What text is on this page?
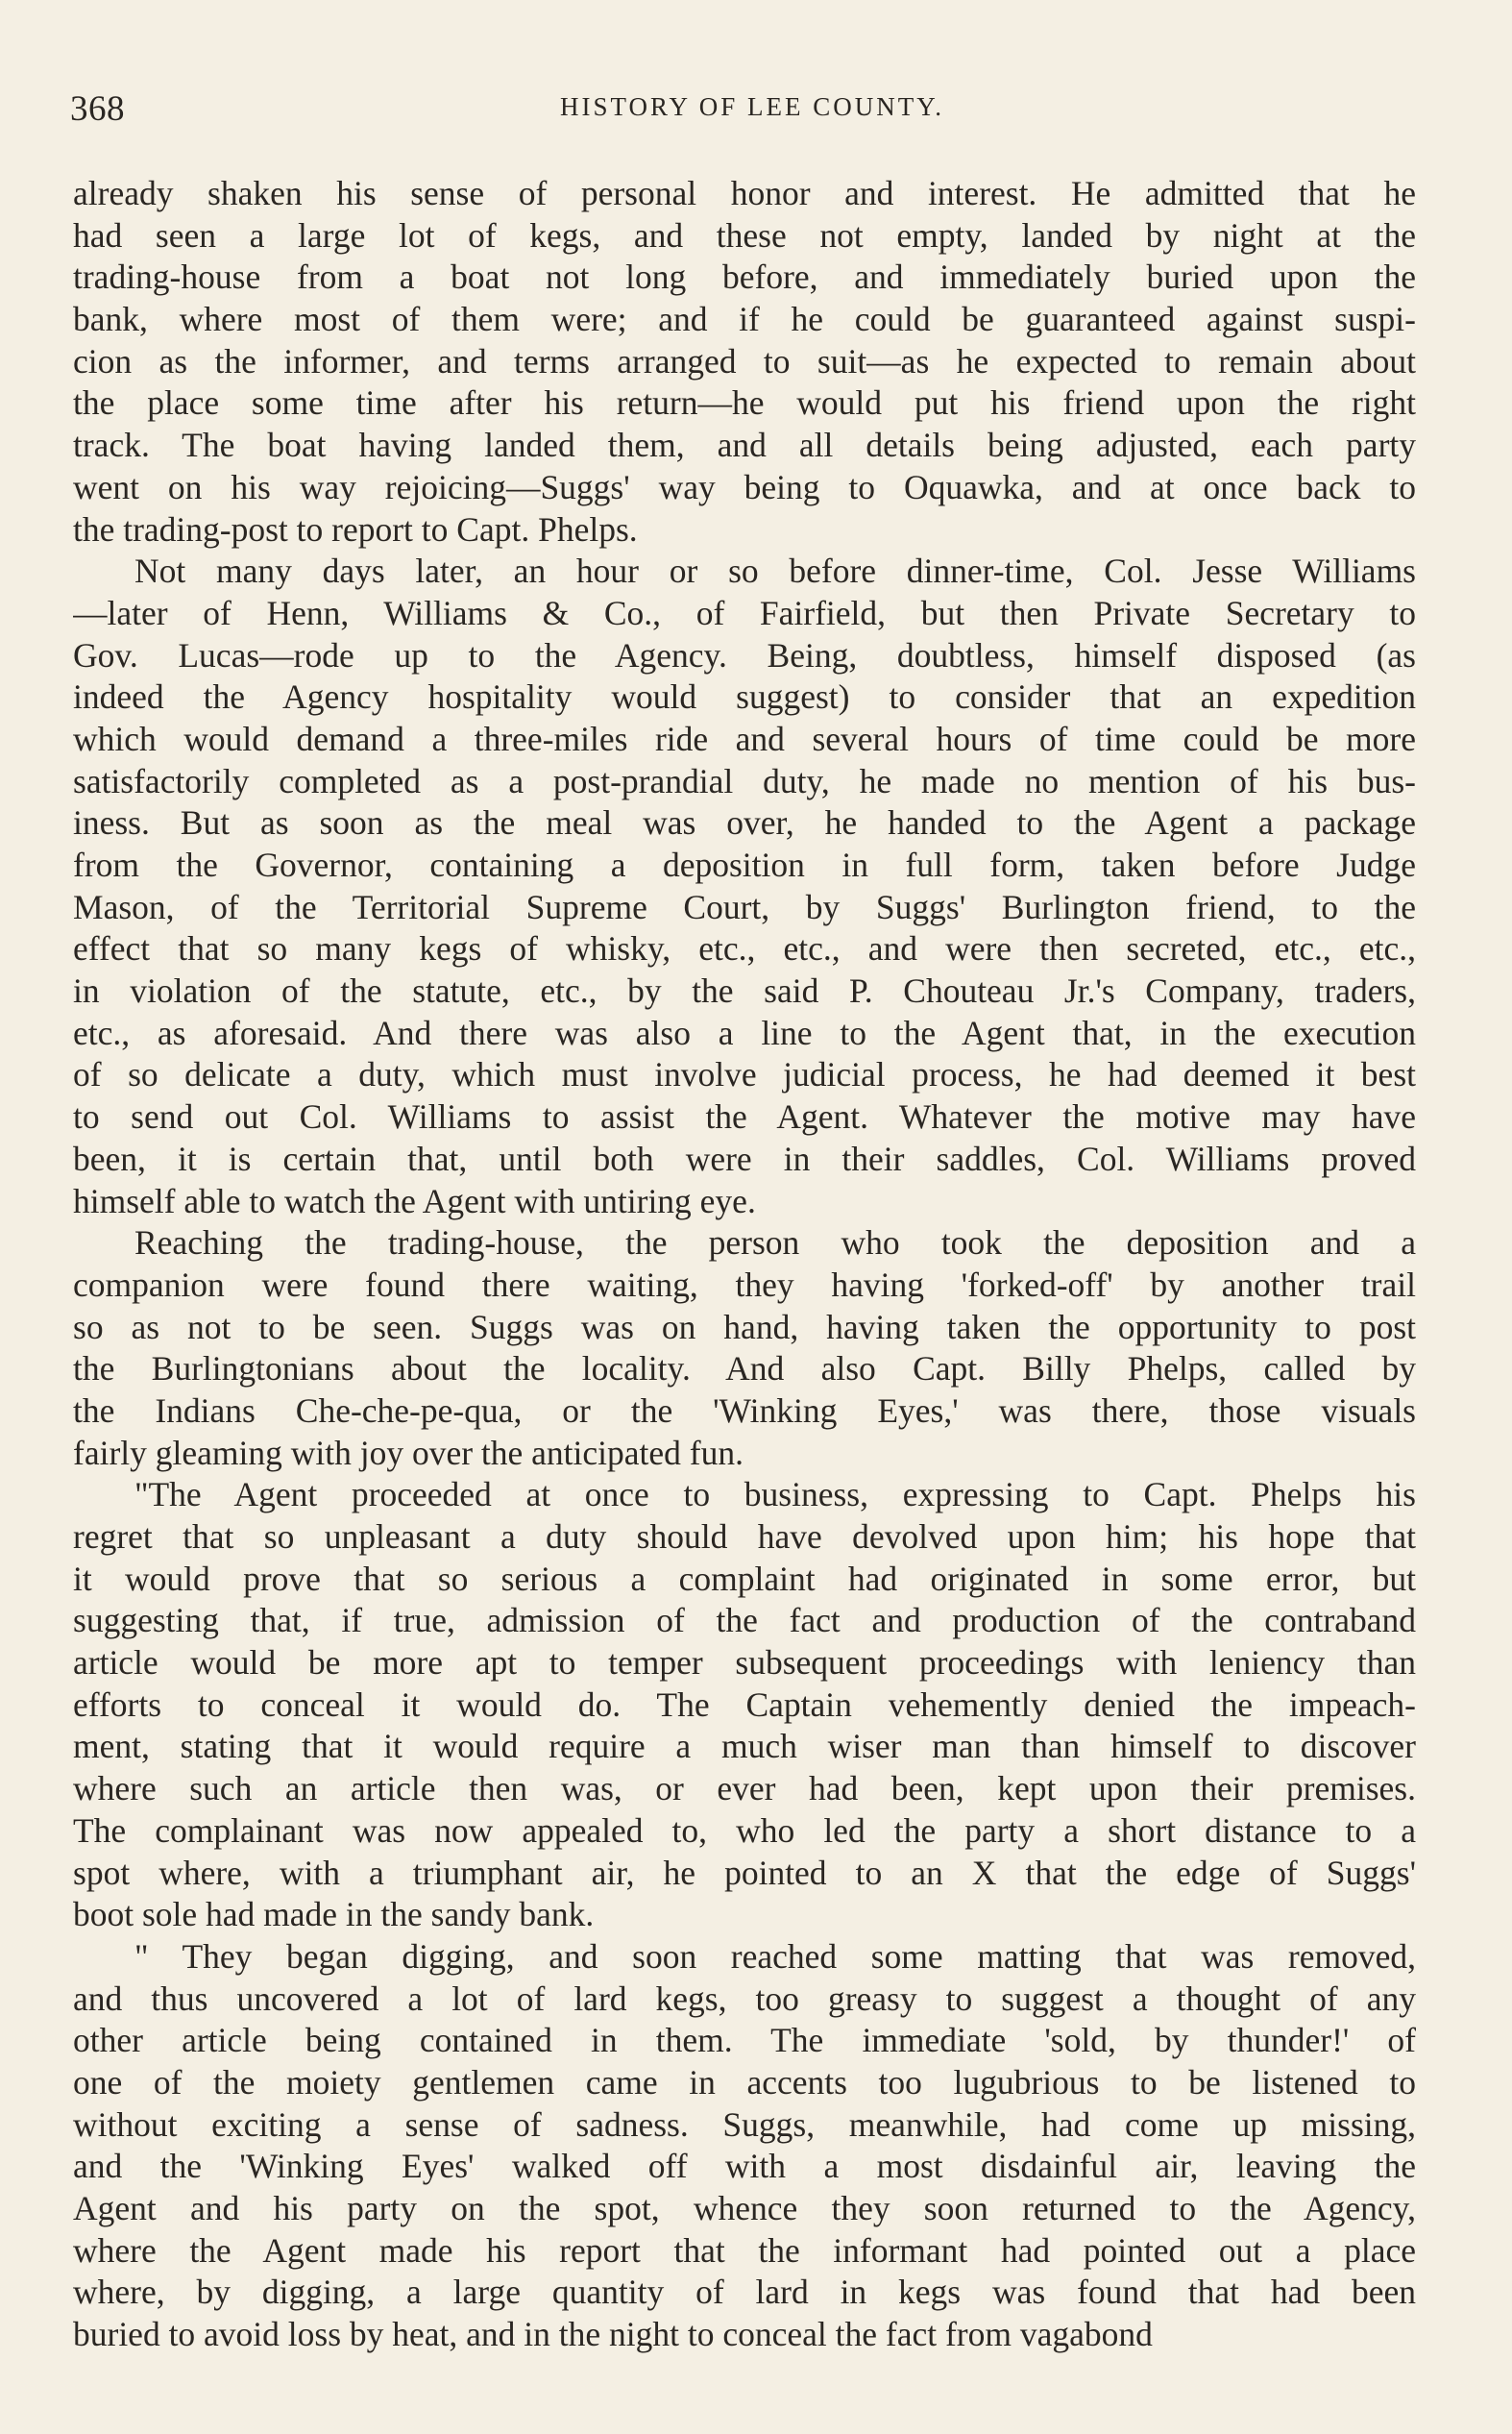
368	HISTORY OF LEE COUNTY.
already shaken his sense of personal honor and interest. He admitted that he
had seen a large lot of kegs, and these not empty, landed by night at the
trading-house from a boat not long before, and immediately buried upon the
bank, where most of them were; and if he could be guaranteed against suspi-
cion as the informer, and terms arranged to suit—as he expected to remain about
the place some time after his return—he would put his friend upon the right
track. The boat having landed them, and all details being adjusted, each party
went on his way rejoicing—Suggs' way being to Oquawka, and at once back to
the trading-post to report to Capt. Phelps.
Not many days later, an hour or so before dinner-time, Col. Jesse Williams
—later of Henn, Williams & Co., of Fairfield, but then Private Secretary to
Gov. Lucas—rode up to the Agency. Being, doubtless, himself disposed (as
indeed the Agency hospitality would suggest) to consider that an expedition
which would demand a three-miles ride and several hours of time could be more
satisfactorily completed as a post-prandial duty, he made no mention of his bus-
iness. But as soon as the meal was over, he handed to the Agent a package
from the Governor, containing a deposition in full form, taken before Judge
Mason, of the Territorial Supreme Court, by Suggs' Burlington friend, to the
effect that so many kegs of whisky, etc., etc., and were then secreted, etc., etc.,
in violation of the statute, etc., by the said P. Chouteau Jr.'s Company, traders,
etc., as aforesaid. And there was also a line to the Agent that, in the execution
of so delicate a duty, which must involve judicial process, he had deemed it best
to send out Col. Williams to assist the Agent. Whatever the motive may have
been, it is certain that, until both were in their saddles, Col. Williams proved
himself able to watch the Agent with untiring eye.
Reaching the trading-house, the person who took the deposition and a
companion were found there waiting, they having 'forked-off' by another trail
so as not to be seen. Suggs was on hand, having taken the opportunity to post
the Burlingtonians about the locality. And also Capt. Billy Phelps, called by
the Indians Che-che-pe-qua, or the 'Winking Eyes,' was there, those visuals
fairly gleaming with joy over the anticipated fun.
"The Agent proceeded at once to business, expressing to Capt. Phelps his
regret that so unpleasant a duty should have devolved upon him; his hope that
it would prove that so serious a complaint had originated in some error, but
suggesting that, if true, admission of the fact and production of the contraband
article would be more apt to temper subsequent proceedings with leniency than
efforts to conceal it would do. The Captain vehemently denied the impeach-
ment, stating that it would require a much wiser man than himself to discover
where such an article then was, or ever had been, kept upon their premises.
The complainant was now appealed to, who led the party a short distance to a
spot where, with a triumphant air, he pointed to an X that the edge of Suggs'
boot sole had made in the sandy bank.
" They began digging, and soon reached some matting that was removed,
and thus uncovered a lot of lard kegs, too greasy to suggest a thought of any
other article being contained in them. The immediate 'sold, by thunder!' of
one of the moiety gentlemen came in accents too lugubrious to be listened to
without exciting a sense of sadness. Suggs, meanwhile, had come up missing,
and the 'Winking Eyes' walked off with a most disdainful air, leaving the
Agent and his party on the spot, whence they soon returned to the Agency,
where the Agent made his report that the informant had pointed out a place
where, by digging, a large quantity of lard in kegs was found that had been
buried to avoid loss by heat, and in the night to conceal the fact from vagabond
